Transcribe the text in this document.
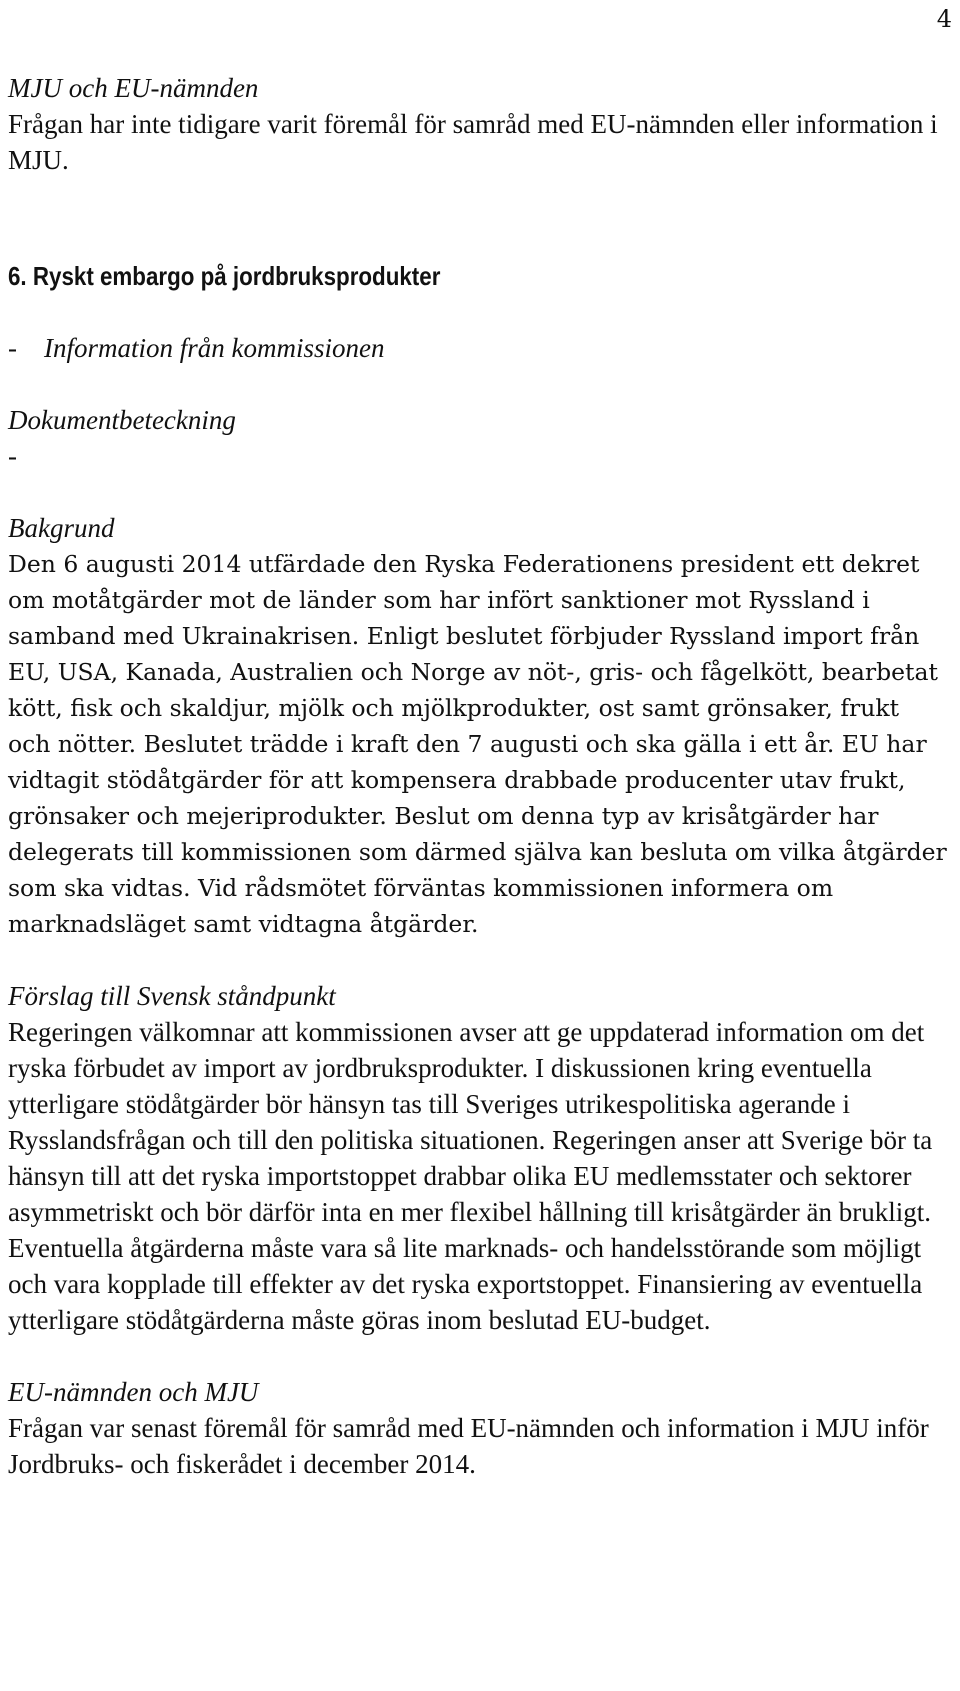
4
MJU och EU-nämnden

Frågan har inte tidigare varit föremål för samråd med EU-nämnden eller information i MJU.

6. Ryskt embargo på jordbruksprodukter
-    Information från kommissionen
Dokumentbeteckning
-
Bakgrund

Den 6 augusti 2014 utfärdade den Ryska Federationens president ett dekret om motåtgärder mot de länder som har infört sanktioner mot Ryssland i samband med Ukrainakrisen. Enligt beslutet förbjuder Ryssland import från EU, USA, Kanada, Australien och Norge av nöt-, gris- och fågelkött, bearbetat kött, fisk och skaldjur, mjölk och mjölkprodukter, ost samt grönsaker, frukt och nötter. Beslutet trädde i kraft den 7 augusti och ska gälla i ett år. EU har vidtagit stödåtgärder för att kompensera drabbade producenter utav frukt, grönsaker och mejeriprodukter. Beslut om denna typ av krisåtgärder har delegerats till kommissionen som därmed själva kan besluta om vilka åtgärder som ska vidtas. Vid rådsmötet förväntas kommissionen informera om marknadsläget samt vidtagna åtgärder.

Förslag till Svensk ståndpunkt

Regeringen välkomnar att kommissionen avser att ge uppdaterad information om det ryska förbudet av import av jordbruksprodukter. I diskussionen kring eventuella ytterligare stödåtgärder bör hänsyn tas till Sveriges utrikespolitiska agerande i Rysslandsfrågan och till den politiska situationen. Regeringen anser att Sverige bör ta hänsyn till att det ryska importstoppet drabbar olika EU medlemsstater och sektorer asymmetriskt och bör därför inta en mer flexibel hållning till krisåtgärder än brukligt. Eventuella åtgärderna måste vara så lite marknads- och handelsstörande som möjligt och vara kopplade till effekter av det ryska exportstoppet. Finansiering av eventuella ytterligare stödåtgärderna måste göras inom beslutad EU-budget.

EU-nämnden och MJU

Frågan var senast föremål för samråd med EU-nämnden och information i MJU inför Jordbruks- och fiskerådet i december 2014.
